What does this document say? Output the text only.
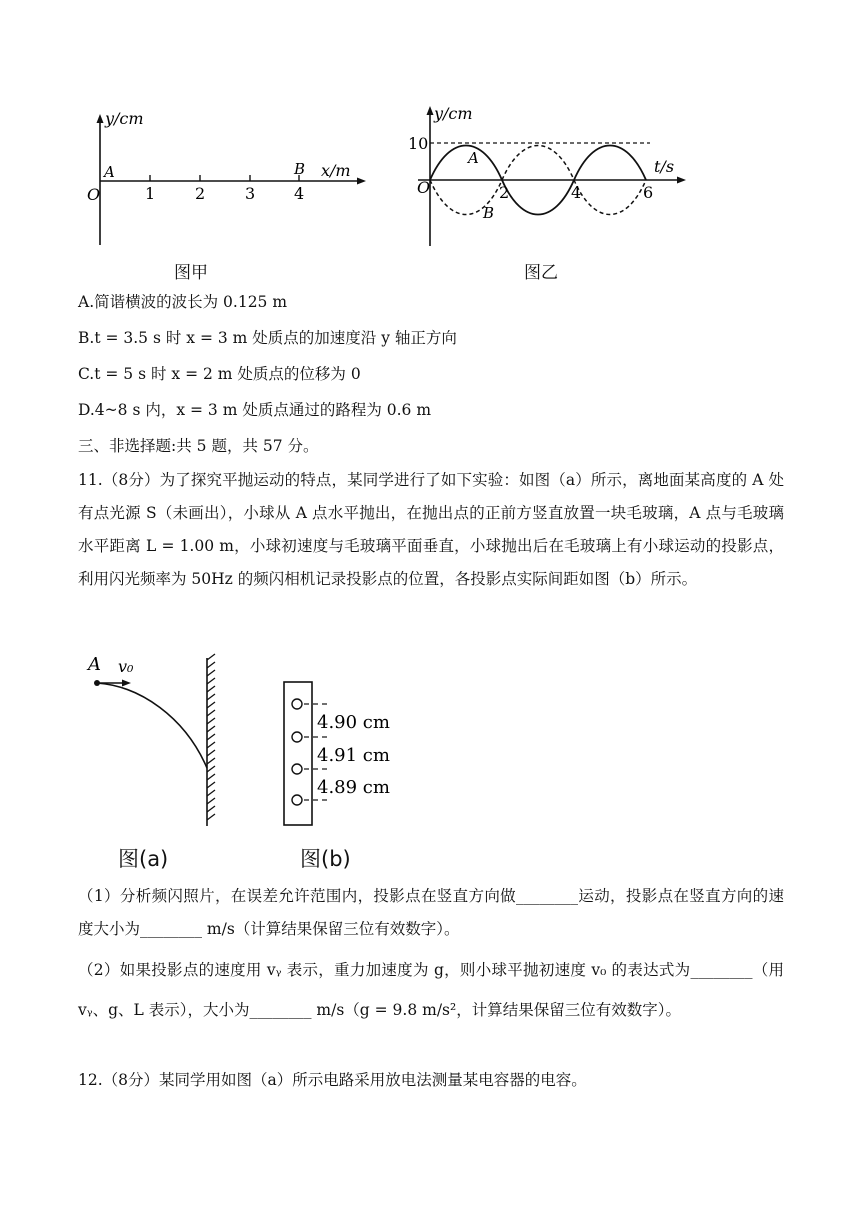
y/cm
x/m
O
A	B
1 2 3 4
图甲
y/cm
t/s
O
10
A
B
2	4	6
图乙
A.简谐横波的波长为 0.125 m
B.t = 3.5 s 时 x = 3 m 处质点的加速度沿 y 轴正方向
C.t = 5 s 时 x = 2 m 处质点的位移为 0
D.4~8 s 内，x = 3 m 处质点通过的路程为 0.6 m
三、非选择题:共 5 题，共 57 分。
11.（8分）为了探究平抛运动的特点，某同学进行了如下实验：如图（a）所示，离地面某高度的 A 处有点光源 S（未画出），小球从 A 点水平抛出，在抛出点的正前方竖直放置一块毛玻璃，A 点与毛玻璃水平距离 L = 1.00 m，小球初速度与毛玻璃平面垂直，小球抛出后在毛玻璃上有小球运动的投影点，利用闪光频率为 50Hz 的频闪相机记录投影点的位置，各投影点实际间距如图（b）所示。
A v₀
图(a)
4.90 cm
4.91 cm
4.89 cm
图(b)
（1）分析频闪照片，在误差允许范围内，投影点在竖直方向做________运动，投影点在竖直方向的速度大小为________ m/s（计算结果保留三位有效数字）。
（2）如果投影点的速度用 vᵧ 表示，重力加速度为 g，则小球平抛初速度 v₀ 的表达式为________（用 vᵧ、g、L 表示），大小为________ m/s（g = 9.8 m/s²，计算结果保留三位有效数字）。
12.（8分）某同学用如图（a）所示电路采用放电法测量某电容器的电容。
